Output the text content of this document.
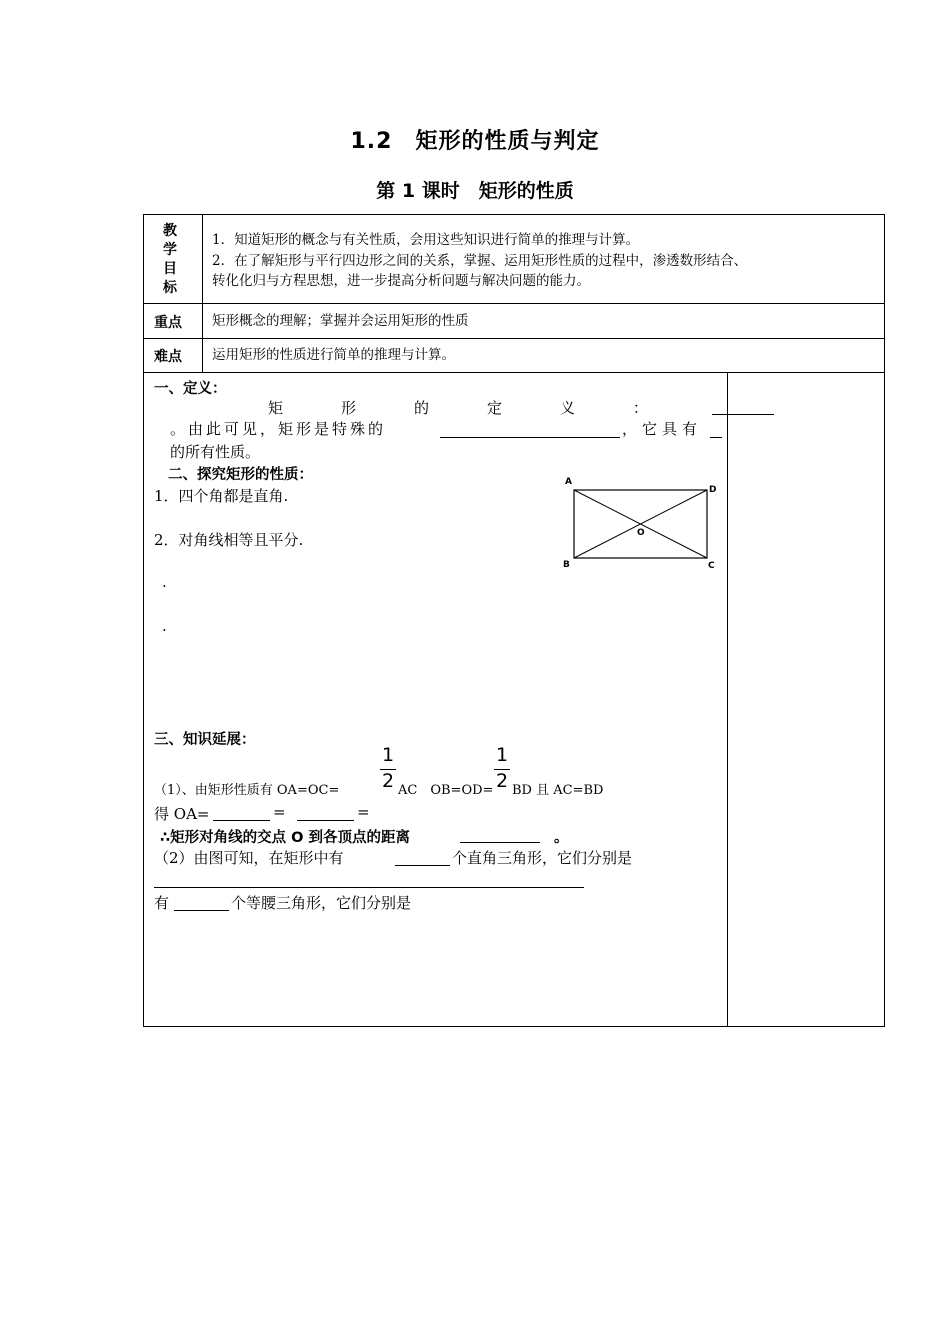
1.2　矩形的性质与判定
第 1 课时　矩形的性质
教
学
目
标
1．知道矩形的概念与有关性质，会用这些知识进行简单的推理与计算。
2．在了解矩形与平行四边形之间的关系，掌握、运用矩形性质的过程中，渗透数形结合、
转化化归与方程思想，进一步提高分析问题与解决问题的能力。
重点 矩形概念的理解；掌握并会运用矩形的性质
难点 运用矩形的性质进行简单的推理与计算。
一、定义：
矩	形	的	定	义	：
。由此可见，矩形是特殊的	，它具有
的所有性质。
二、探究矩形的性质：
1．四个角都是直角.
2．对角线相等且平分.
.
.
A
D
B	C
O
三、知识延展：
1
2
1
2
（1）、由矩形性质有 OA=OC=	AC　OB=OD= BD 且 AC=BD
得 OA=	=	=
∴矩形对角线的交点 O 到各顶点的距离	。
（2）由图可知，在矩形中有	个直角三角形，它们分别是
有	个等腰三角形，它们分别是
